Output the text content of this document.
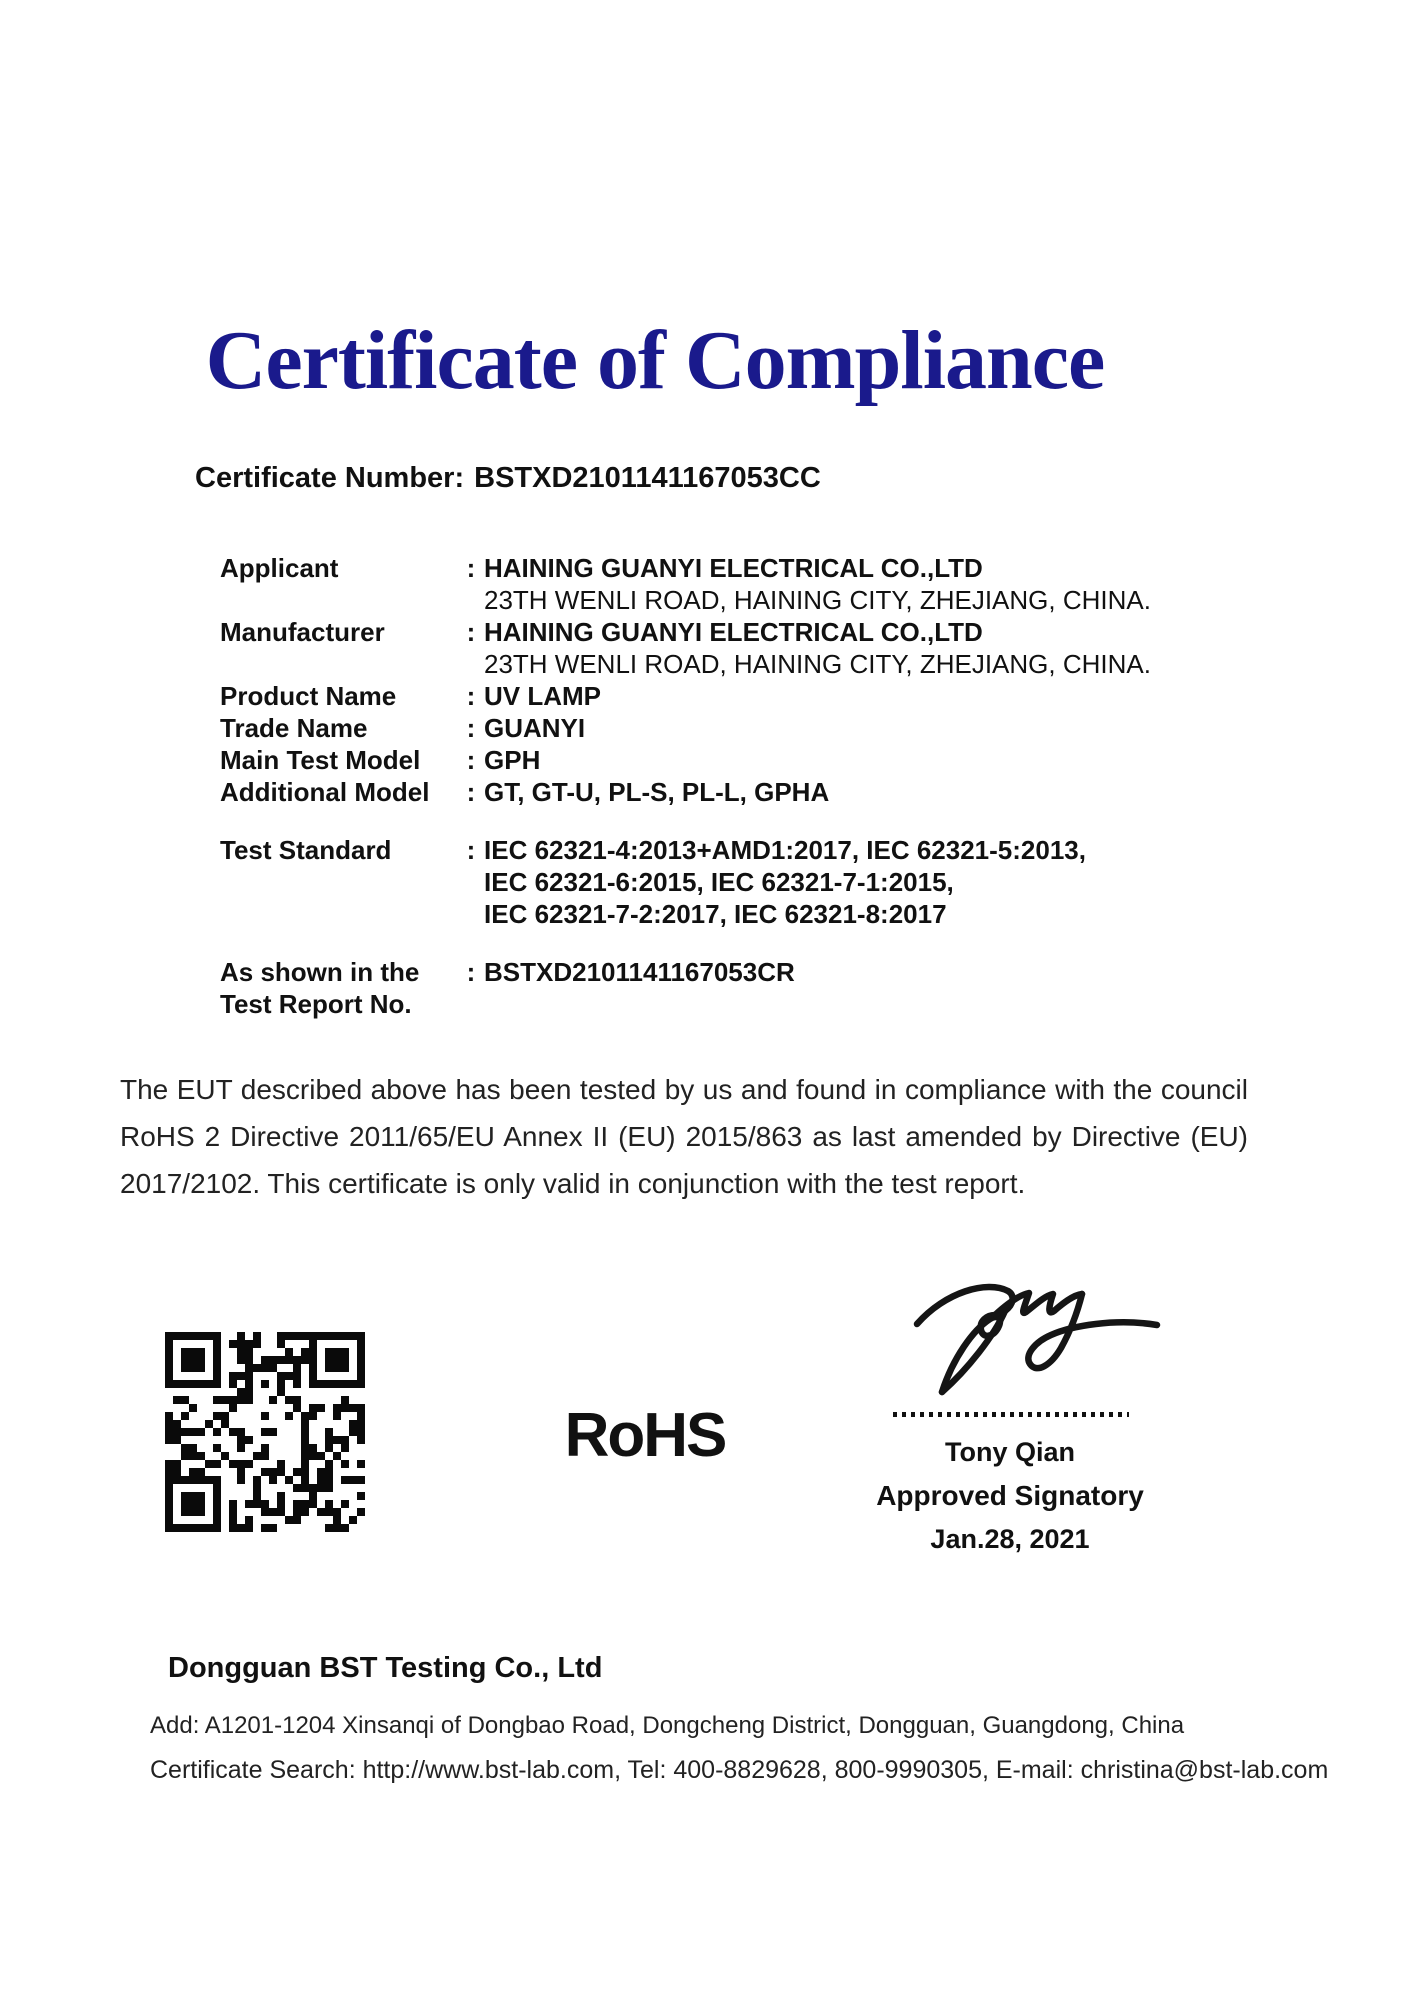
Certificate of Compliance
Certificate Number: BSTXD2101141167053CC
Applicant	: HAINING GUANYI ELECTRICAL CO.,LTD
23TH WENLI ROAD, HAINING CITY, ZHEJIANG, CHINA.
Manufacturer	: HAINING GUANYI ELECTRICAL CO.,LTD
23TH WENLI ROAD, HAINING CITY, ZHEJIANG, CHINA.
Product Name	: UV LAMP
Trade Name	: GUANYI
Main Test Model	: GPH
Additional Model	: GT, GT-U, PL-S, PL-L, GPHA
Test Standard	: IEC 62321-4:2013+AMD1:2017, IEC 62321-5:2013,
IEC 62321-6:2015, IEC 62321-7-1:2015,
IEC 62321-7-2:2017, IEC 62321-8:2017
As shown in the
Test Report No.
: BSTXD2101141167053CR
The EUT described above has been tested by us and found in compliance with the council RoHS 2 Directive 2011/65/EU Annex II (EU) 2015/863 as last amended by Directive (EU) 2017/2102. This certificate is only valid in conjunction with the test report.
RoHS	Tony Qian
Approved Signatory
Jan.28, 2021
Dongguan BST Testing Co., Ltd
Add: A1201-1204 Xinsanqi of Dongbao Road, Dongcheng District, Dongguan, Guangdong, China
Certificate Search: http://www.bst-lab.com, Tel: 400-8829628, 800-9990305, E-mail: christina@bst-lab.com
